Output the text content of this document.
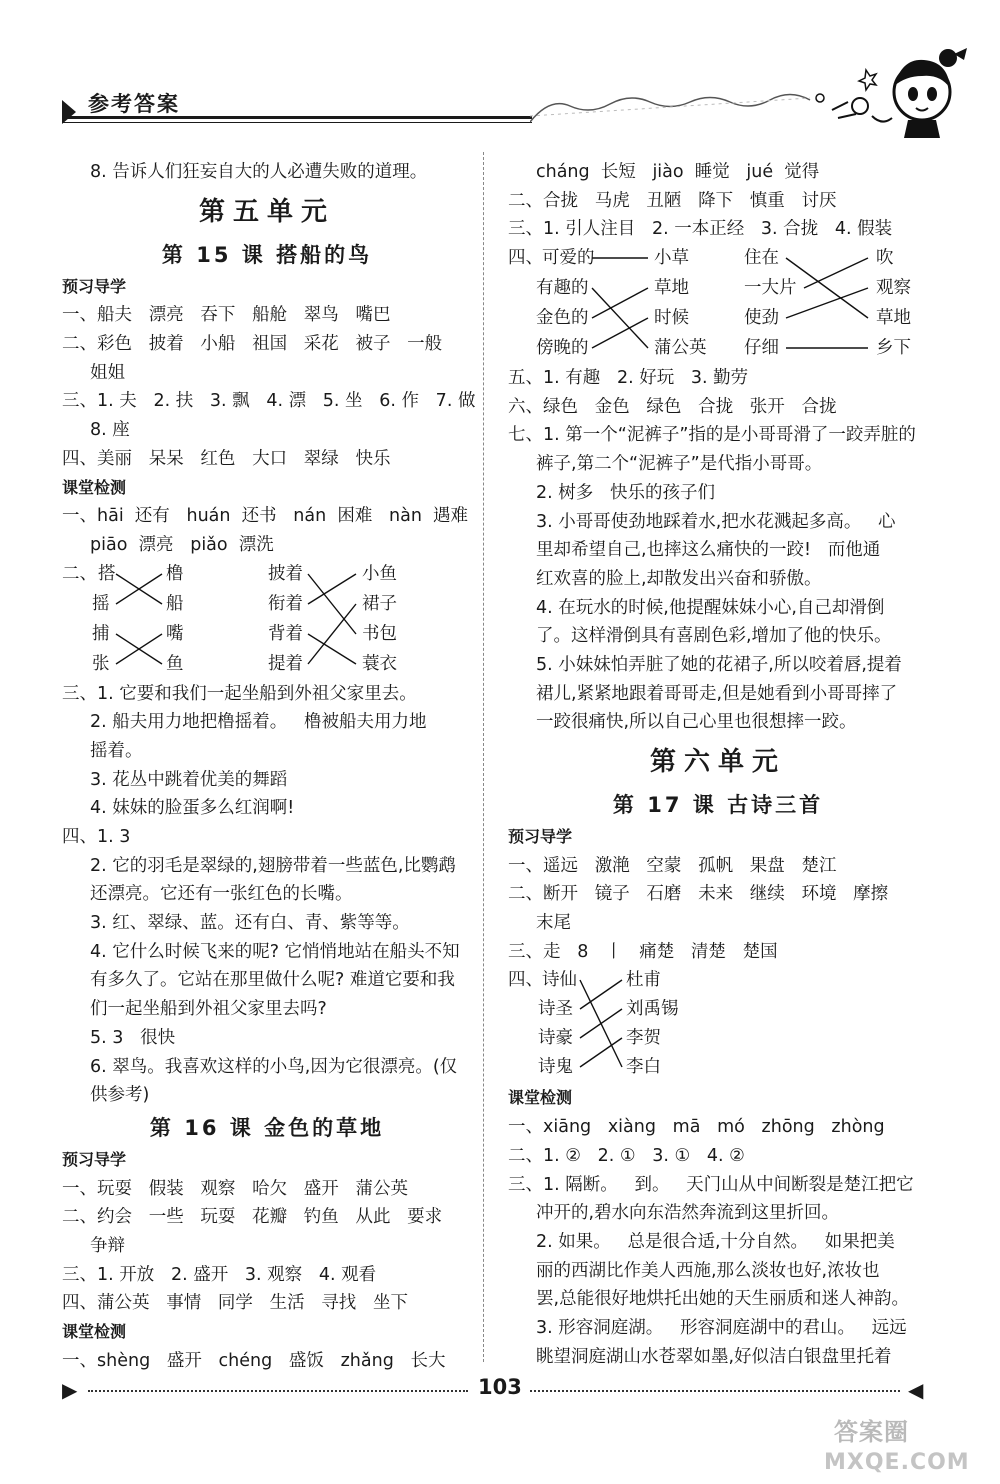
参考答案
8. 告诉人们狂妄自大的人必遭失败的道理。
第五单元
第 15 课 搭船的鸟
预习导学
一、船夫   漂亮   吞下   船舱   翠鸟   嘴巴
二、彩色   披着   小船   祖国   采花   被子   一般
姐姐
三、1. 夫   2. 扶   3. 飘   4. 漂   5. 坐   6. 作   7. 做
8. 座
四、美丽   呆呆   红色   大口   翠绿   快乐
课堂检测
一、hāi  还有   huán  还书   nán  困难   nàn  遇难
piāo  漂亮   piǎo  漂洗
二、 搭
摇
捕
张
橹
船
嘴
鱼
披着
衔着
背着
提着
小鱼
裙子
书包
蓑衣
三、1. 它要和我们一起坐船到外祖父家里去。
2. 船夫用力地把橹摇着。   橹被船夫用力地
摇着。
3. 花丛中跳着优美的舞蹈
4. 妹妹的脸蛋多么红润啊!
四、1. 3
2. 它的羽毛是翠绿的,翅膀带着一些蓝色,比鹦鹉
还漂亮。它还有一张红色的长嘴。
3. 红、翠绿、蓝。还有白、青、紫等等。
4. 它什么时候飞来的呢? 它悄悄地站在船头不知
有多久了。它站在那里做什么呢? 难道它要和我
们一起坐船到外祖父家里去吗?
5. 3   很快
6. 翠鸟。我喜欢这样的小鸟,因为它很漂亮。(仅
供参考)
第 16 课 金色的草地
预习导学
一、玩耍   假装   观察   哈欠   盛开   蒲公英
二、约会   一些   玩耍   花瓣   钓鱼   从此   要求
争辩
三、1. 开放   2. 盛开   3. 观察   4. 观看
四、蒲公英   事情   同学   生活   寻找   坐下
课堂检测
一、shèng   盛开   chéng   盛饭   zhǎng   长大
cháng  长短   jiào  睡觉   jué  觉得
二、合拢   马虎   丑陋   降下   慎重   讨厌
三、1. 引人注目   2. 一本正经   3. 合拢   4. 假装
四、 可爱的
有趣的
金色的
傍晚的
小草
草地
时候
蒲公英
住在
一大片
使劲
仔细
吹
观察
草地
乡下
五、1. 有趣   2. 好玩   3. 勤劳
六、绿色   金色   绿色   合拢   张开   合拢
七、1. 第一个“泥裤子”指的是小哥哥滑了一跤弄脏的
裤子,第二个“泥裤子”是代指小哥哥。
2. 树多   快乐的孩子们
3. 小哥哥使劲地踩着水,把水花溅起多高。   心
里却希望自己,也摔这么痛快的一跤!   而他通
红欢喜的脸上,却散发出兴奋和骄傲。
4. 在玩水的时候,他提醒妹妹小心,自己却滑倒
了。这样滑倒具有喜剧色彩,增加了他的快乐。
5. 小妹妹怕弄脏了她的花裙子,所以咬着唇,提着
裙儿,紧紧地跟着哥哥走,但是她看到小哥哥摔了
一跤很痛快,所以自己心里也很想摔一跤。
第六单元
第 17 课 古诗三首
预习导学
一、遥远   激滟   空蒙   孤帆   果盘   楚江
二、断开   镜子   石磨   未来   继续   环境   摩擦
末尾
三、走   8   丨   痛楚   清楚   楚国
四、 诗仙
诗圣
诗豪
诗鬼
杜甫
刘禹锡
李贺
李白
课堂检测
一、xiāng   xiàng   mā   mó   zhōng   zhòng
二、1. ②   2. ①   3. ①   4. ②
三、1. 隔断。   到。   天门山从中间断裂是楚江把它
冲开的,碧水向东浩然奔流到这里折回。
2. 如果。   总是很合适,十分自然。   如果把美
丽的西湖比作美人西施,那么淡妆也好,浓妆也
罢,总能很好地烘托出她的天生丽质和迷人神韵。
3. 形容洞庭湖。   形容洞庭湖中的君山。   远远
眺望洞庭湖山水苍翠如墨,好似洁白银盘里托着
▶	103	◀
答案圈
MXQE.COM
